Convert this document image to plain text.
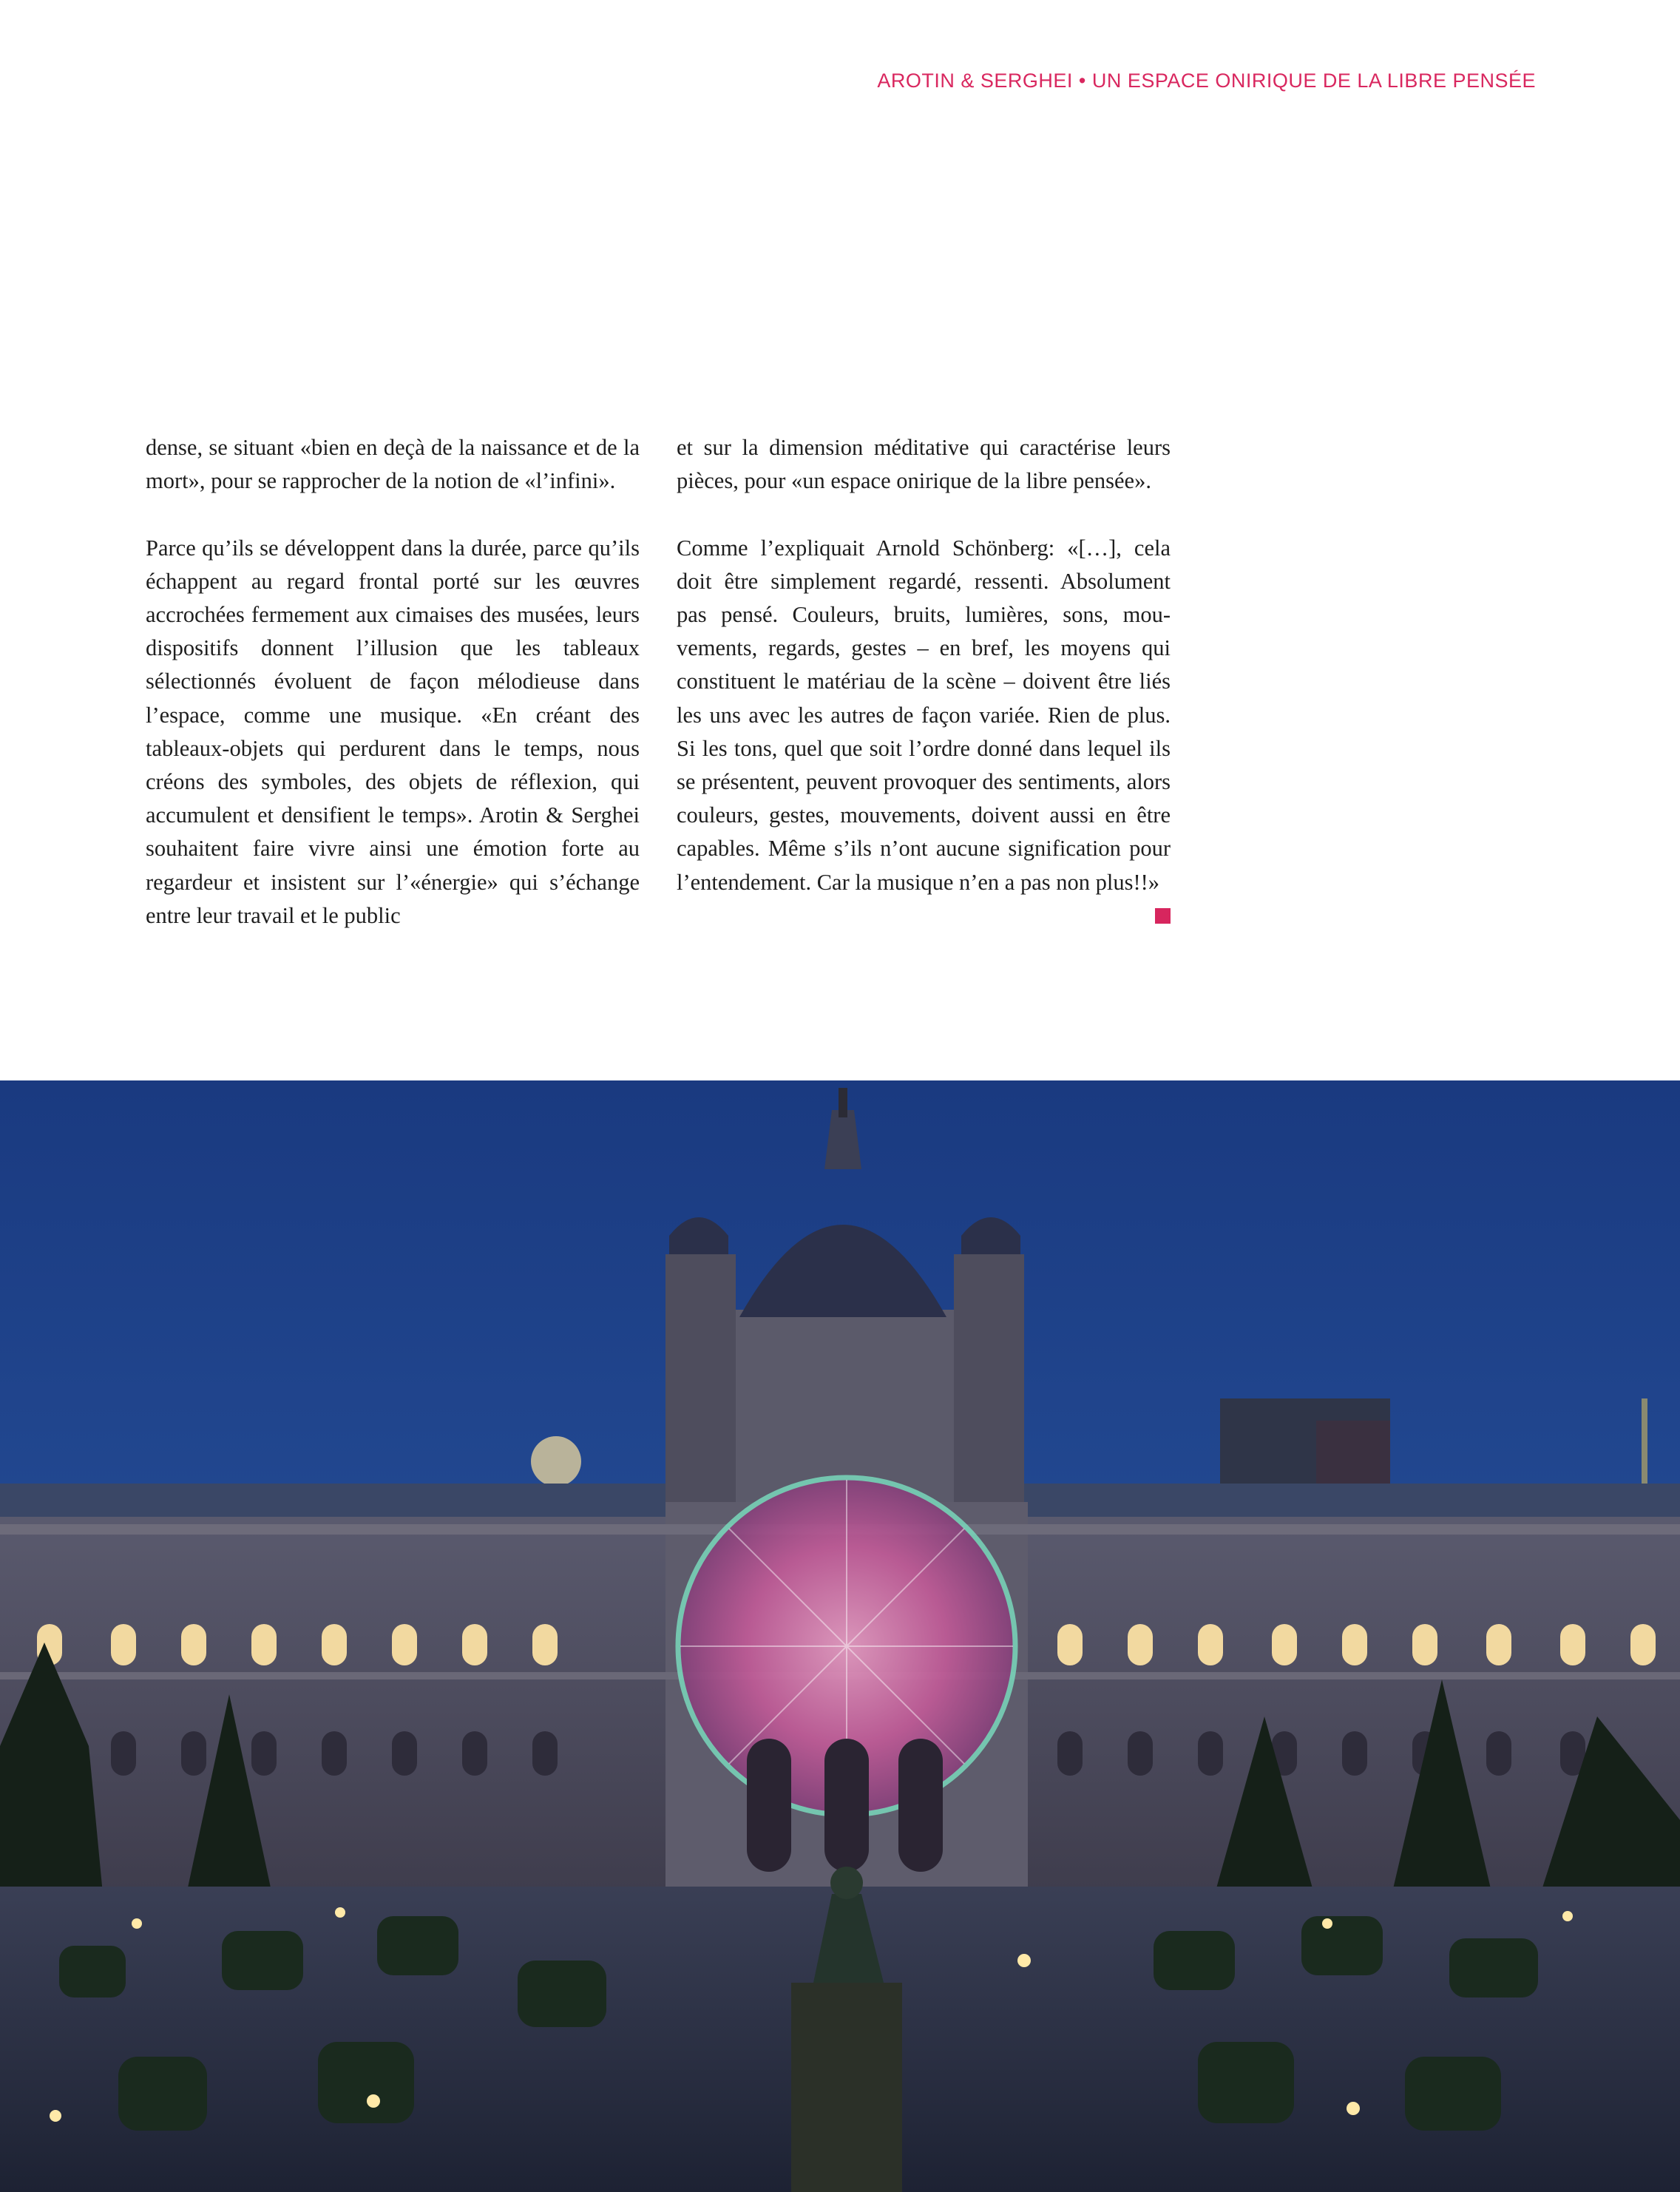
AROTIN & SERGHEI • UN ESPACE ONIRIQUE DE LA LIBRE PENSÉE

dense, se situant «bien en deçà de la naissance et de la mort», pour se rapprocher de la notion de «l’infini».

Parce qu’ils se développent dans la durée, parce qu’ils échappent au regard frontal porté sur les œuvres accrochées fermement aux cimaises des musées, leurs dispositifs donnent l’illusion que les tableaux sélectionnés évoluent de façon mélodieuse dans l’espace, comme une musique. «En créant des tableaux-objets qui perdurent dans le temps, nous créons des symboles, des objets de réflexion, qui accumulent et densifient le temps». Arotin & Serghei souhaitent faire vivre ainsi une émotion forte au regardeur et insistent sur l’«énergie» qui s’échange entre leur travail et le public

et sur la dimension méditative qui caractérise leurs pièces, pour «un espace onirique de la libre pensée».

Comme l’expliquait Arnold Schönberg: «[…], cela doit être simplement regardé, ressenti. Absolument pas pensé. Couleurs, bruits, lumières, sons, mouvements, regards, gestes – en bref, les moyens qui constituent le matériau de la scène – doivent être liés les uns avec les autres de façon variée. Rien de plus. Si les tons, quel que soit l’ordre donné dans lequel ils se présentent, peuvent provoquer des sentiments, alors couleurs, gestes, mouvements, doivent aussi en être capables. Même s’ils n’ont aucune signification pour l’entendement. Car la musique n’en a pas non plus!!»
